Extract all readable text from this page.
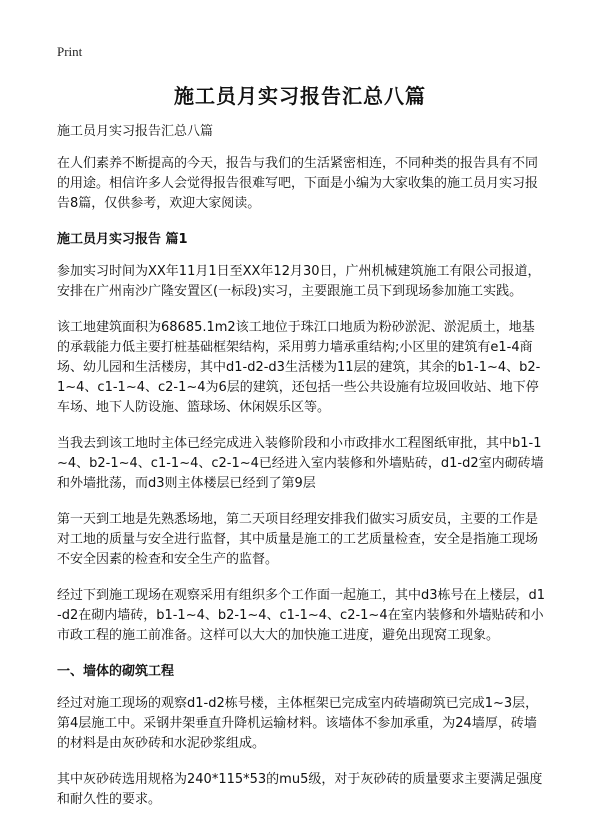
Print
施工员月实习报告汇总八篇

施工员月实习报告汇总八篇

在人们素养不断提高的今天，报告与我们的生活紧密相连，不同种类的报告具有不同的用途。相信许多人会觉得报告很难写吧，下面是小编为大家收集的施工员月实习报告8篇，仅供参考，欢迎大家阅读。

施工员月实习报告 篇1

参加实习时间为XX年11月1日至XX年12月30日，广州机械建筑施工有限公司报道，安排在广州南沙广隆安置区(一标段)实习，主要跟施工员下到现场参加施工实践。

该工地建筑面积为68685.1m2该工地位于珠江口地质为粉砂淤泥、淤泥质土，地基的承载能力低主要打桩基础框架结构，采用剪力墙承重结构;小区里的建筑有e1-4商场、幼儿园和生活楼房，其中d1-d2-d3生活楼为11层的建筑，其余的b1-1~4、b2-1~4、c1-1~4、c2-1~4为6层的建筑，还包括一些公共设施有垃圾回收站、地下停车场、地下人防设施、篮球场、休闲娱乐区等。

当我去到该工地时主体已经完成进入装修阶段和小市政排水工程图纸审批，其中b1-1~4、b2-1~4、c1-1~4、c2-1~4已经进入室内装修和外墙贴砖，d1-d2室内砌砖墙和外墙批荡，而d3则主体楼层已经到了第9层

第一天到工地是先熟悉场地，第二天项目经理安排我们做实习质安员，主要的工作是对工地的质量与安全进行监督，其中质量是施工的工艺质量检查，安全是指施工现场不安全因素的检查和安全生产的监督。

经过下到施工现场在观察采用有组织多个工作面一起施工，其中d3栋号在上楼层，d1-d2在砌内墙砖，b1-1~4、b2-1~4、c1-1~4、c2-1~4在室内装修和外墙贴砖和小市政工程的施工前准备。这样可以大大的加快施工进度，避免出现窝工现象。

一、墙体的砌筑工程

经过对施工现场的观察d1-d2栋号楼，主体框架已完成室内砖墙砌筑已完成1~3层，第4层施工中。采钢井架垂直升降机运输材料。该墙体不参加承重，为24墙厚，砖墙的材料是由灰砂砖和水泥砂浆组成。

其中灰砂砖选用规格为240*115*53的mu5级，对于灰砂砖的质量要求主要满足强度和耐久性的要求。
